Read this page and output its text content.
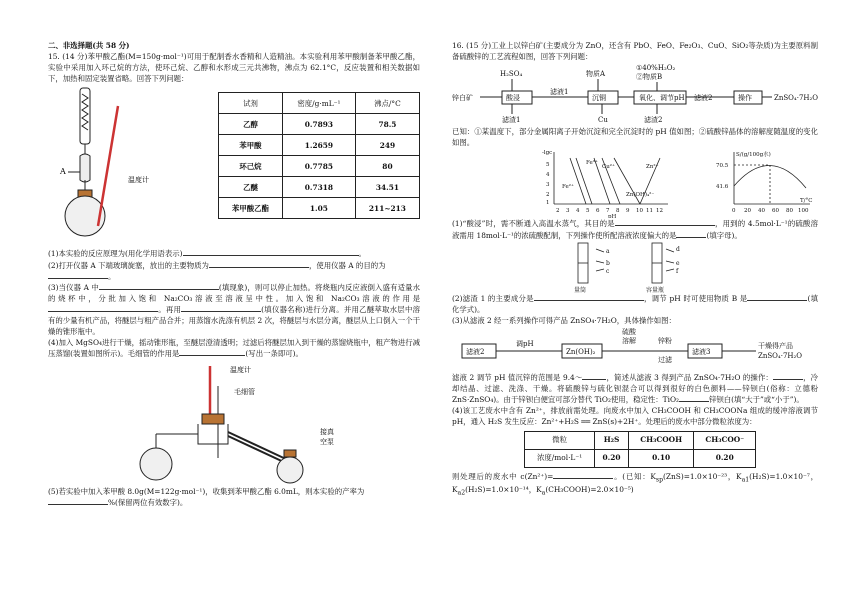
二、非选择题(共 58 分)

15. (14 分)苯甲酸乙酯(M=150g·mol⁻¹)可用于配制香水香精和人造精油。本实验利用苯甲酸制备苯甲酸乙酯，实验中采用加入环己烷的方法，使环己烷、乙醇和水形成三元共沸物，沸点为 62.1°C，反应装置和相关数据如下，加热和固定装置省略。回答下列问题：

A
温度计
试剂	密度/g·mL⁻¹	沸点/°C
乙醇	0.7893	78.5
苯甲酸	1.2659	249
环己烷	0.7785	80
乙醚	0.7318	34.51
苯甲酸乙酯	1.05	211~213

(1)本实验的反应原理为(用化学用语表示)	。

(2)打开仪器 A 下端玻璃旋塞，放出的主要物质为	，使用仪器 A 的目的为
。

(3)当仪器 A 中	(填现象)，则可以停止加热。将烧瓶内反应液倒入盛有适量水的烧杯中，分批加入饱和 Na₂CO₃溶液至溶液呈中性。加入饱和 Na₂CO₃溶液的作用是。再用	(填仪器名称)进行分离。并用乙醚萃取水层中溶有的少量有机产品，将醚层与粗产品合并；用蒸馏水洗涤有机层 2 次，将醚层与水层分离，醚层从上口倒入一个干燥的锥形瓶中。

(4)加入 MgSO₄进行干燥，摇动锥形瓶，至醚层澄清透明；过滤后将醚层加入到干燥的蒸馏烧瓶中，粗产物进行减压蒸馏(装置如图所示)。毛细管的作用是	(写出一条即可)。

温度计
毛细管
接真
空泵

(5)若实验中加入苯甲酸 8.0g(M=122g·mol⁻¹)，收集到苯甲酸乙酯 6.0mL，则本实验的产率为
%(保留两位有效数字)。

16. (15 分)工业上以锌白矿(主要成分为 ZnO，还含有 PbO、FeO、Fe₂O₃、CuO、SiO₂等杂质)为主要原料制备硫酸锌的工艺流程如图，回答下列问题：

锌白矿
H₂SO₄
酸浸
滤渣1
滤液1
物质A
沉铜
Cu
①40%H₂O₂
②物质B
氧化、调节pH
滤渣2
滤液2	操作	ZnSO₄·7H₂O

已知：①某温度下，部分金属阳离子开始沉淀和完全沉淀时的 pH 值如图；②硫酸锌晶体的溶解度随温度的变化如图。

-lgc
Fe³⁺
Fe²⁺
Cu²⁺	Zn²⁺
Zn(OH)₄²⁻
2 3 4 5 6 7 8 9 10 11 12
pH
5
4
3
2
1
S/(g/100g水)
70.5
41.6
0 20 40 60 80 100
T/°C

(1)“酸浸”时，需不断通入高温水蒸气，其目的是	，用到的 4.5mol·L⁻¹的硫酸溶液需用 18mol·L⁻¹的浓硫酸配制，下列操作使所配溶液浓度偏大的是	(填字母)。

a
b
c
d
e
f
量筒	容量瓶

(2)滤渣 1 的主要成分是	，调节 pH 时可使用物质 B 是	(填化学式)。

(3)从滤液 2 经一系列操作可得产品 ZnSO₄·7H₂O，具体操作如图：

滤液2
调pH
Zn(OH)₂
硫酸
溶解	锌粉
过滤
滤液3
干燥得产品
ZnSO₄·7H₂O

滤液 2 调节 pH 值沉锌的范围是 9.4～	，简述从滤液 3 得到产品 ZnSO₄·7H₂O 的操作：	，冷却结晶、过滤、洗涤、干燥。将硫酸锌与硫化钡混合可以得到很好的白色颜料——锌钡白(俗称：立德粉 ZnS·ZnSO₄)。由于锌钡白便宜可部分替代 TiO₂使用，稳定性：TiO₂	锌钡白(填“大于”或“小于”)。

(4)该工艺废水中含有 Zn²⁺，排放前需处理。向废水中加入 CH₃COOH 和 CH₃COONa 组成的缓冲溶液调节 pH，通入 H₂S 发生反应：Zn²⁺+H₂S ══ ZnS(s)+2H⁺。处理后的废水中部分微粒浓度为：

微粒	H₂S	CH₃COOH	CH₃COO⁻
浓度/mol·L⁻¹	0.20	0.10	0.20

则处理后的废水中 c(Zn²⁺)=	。(已知：$K_{sp}(ZnS)=1.0\times 10^{-23}$，$K_{a1}(H_2S)=1.0\times 10^{-7}$，$K_{a2}(H_2S)=1.0\times 10^{-14}$，$K_a(CH_3COOH)=2.0\times 10^{-5}$)
